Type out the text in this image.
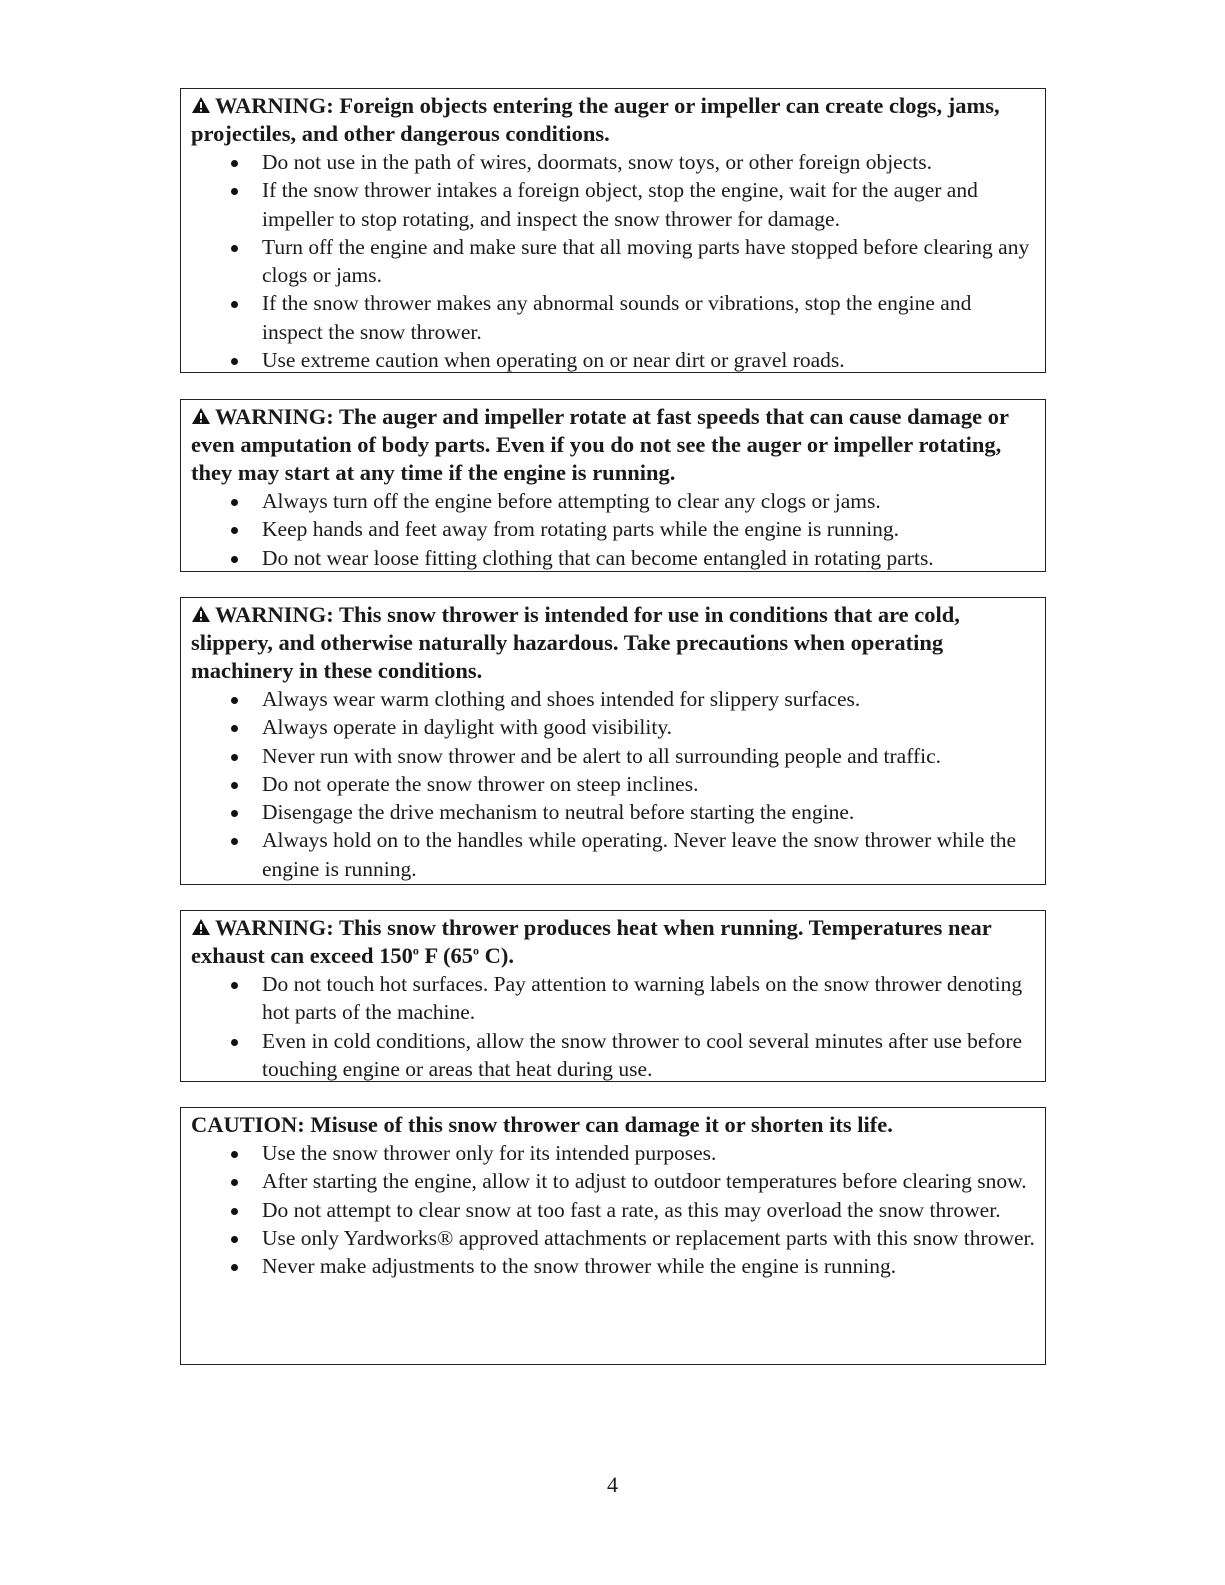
WARNING: Foreign objects entering the auger or impeller can create clogs, jams, projectiles, and other dangerous conditions.

Do not use in the path of wires, doormats, snow toys, or other foreign objects.
If the snow thrower intakes a foreign object, stop the engine, wait for the auger and impeller to stop rotating, and inspect the snow thrower for damage.
Turn off the engine and make sure that all moving parts have stopped before clearing any clogs or jams.
If the snow thrower makes any abnormal sounds or vibrations, stop the engine and inspect the snow thrower.
Use extreme caution when operating on or near dirt or gravel roads.

WARNING: The auger and impeller rotate at fast speeds that can cause damage or even amputation of body parts. Even if you do not see the auger or impeller rotating, they may start at any time if the engine is running.

Always turn off the engine before attempting to clear any clogs or jams.
Keep hands and feet away from rotating parts while the engine is running.
Do not wear loose fitting clothing that can become entangled in rotating parts.

WARNING: This snow thrower is intended for use in conditions that are cold, slippery, and otherwise naturally hazardous. Take precautions when operating machinery in these conditions.

Always wear warm clothing and shoes intended for slippery surfaces.
Always operate in daylight with good visibility.
Never run with snow thrower and be alert to all surrounding people and traffic.
Do not operate the snow thrower on steep inclines.
Disengage the drive mechanism to neutral before starting the engine.
Always hold on to the handles while operating. Never leave the snow thrower while the engine is running.

WARNING: This snow thrower produces heat when running. Temperatures near exhaust can exceed 150$^o$ F (65$^o$ C).

Do not touch hot surfaces. Pay attention to warning labels on the snow thrower denoting hot parts of the machine.
Even in cold conditions, allow the snow thrower to cool several minutes after use before touching engine or areas that heat during use.

CAUTION: Misuse of this snow thrower can damage it or shorten its life.

Use the snow thrower only for its intended purposes.
After starting the engine, allow it to adjust to outdoor temperatures before clearing snow.
Do not attempt to clear snow at too fast a rate, as this may overload the snow thrower.
Use only Yardworks® approved attachments or replacement parts with this snow thrower.
Never make adjustments to the snow thrower while the engine is running.
4
